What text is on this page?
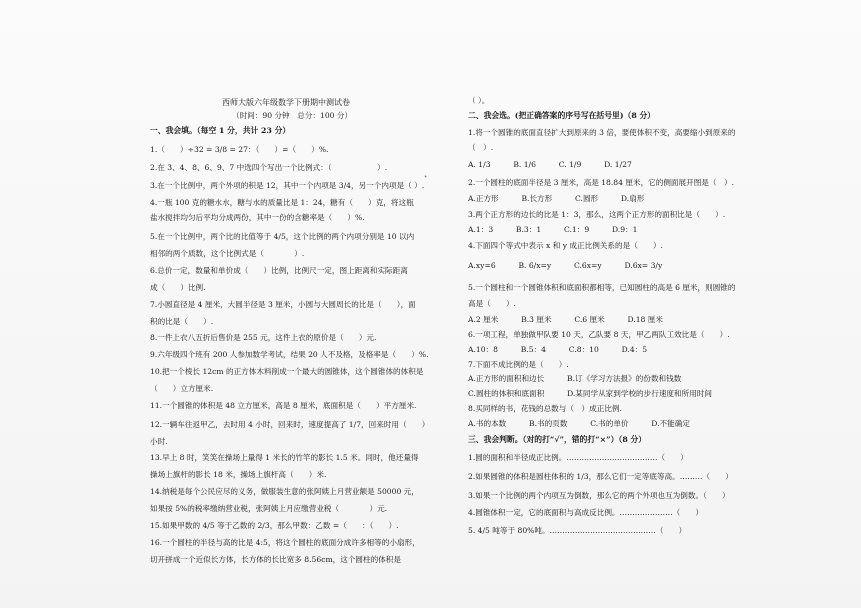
西师大版六年级数学下册期中测试卷
（时间：90 分钟　总分：100 分）
一、我会填。（每空 1 分，共计 23 分）
1.（　　）÷32 = 3/8 = 27：（　　）=（　　）%.
2.在 3、4、8、6、9、7 中选四个写出一个比例式：（　　　　　　）.
3.在一个比例中，两个外项的积是 12，其中一个内项是 3/4，另一个内项是（ ）.
4.一瓶 100 克的糖水水，糖与水的质量比是 1：24，糖有（　　）克，将这瓶
盐水搅拌均匀后平均分成两份，其中一份的含糖率是（　　）%.
5.在一个比例中，两个比的比值等于 4/5，这个比例的两个内项分别是 10 以内
相邻的两个质数，这个比例式是（　　　　）.
6.总价一定，数量和单价成（　　）比例，比例尺一定，图上距离和实际距离
成（　　）比例.
7.小圆直径是 4 厘米，大圆半径是 3 厘米，小圆与大圆周长的比是（　　），面
积的比是（　　）.
8.一件上衣八五折后售价是 255 元，这件上衣的原价是（　　）元.
9.六年级四个班有 200 人参加数学考试，结果 20 人不及格，及格率是（　　）%.
10.把一个棱长 12cm 的正方体木料削成一个最大的圆锥体，这个圆锥体的体积是
（　　）立方厘米.
11.一个圆锥的体积是 48 立方厘米，高是 8 厘米，底面积是（　　）平方厘米.
12.一辆车往返甲乙，去时用 4 小时，回来时，速度提高了 1/7，回来时用（　　）
小时.
13.早上 8 时，笑笑在操场上量得 1 米长的竹竿的影长 1.5 米。同时，他还量得
操场上旗杆的影长 18 米，操场上旗杆高（　　）米.
14.纳税是每个公民应尽的义务，做服装生意的张阿姨上月营业额是 50000 元，
如果按 5%的税率缴纳营业税，张阿姨上月应缴营业税（　　　　）元.
15.如果甲数的 4/5 等于乙数的 2/3，那么甲数：乙数 =（　　：（　　）.
16.一个圆柱的半径与高的比是 4:5，将这个圆柱的底面分成许多相等的小扇形，
切开拼成一个近似长方体，长方体的长比宽多 8.56cm，这个圆柱的体积是
（ ）。
二、我会选。(把正确答案的序号写在括号里)（8 分）
1.将一个圆锥的底面直径扩大到原来的 3 倍，要使体积不变，高要缩小到原来的
（　）.
A. 1/3　　　B. 1/6　　　C. 1/9　　　D. 1/27
2.一个圆柱的底面半径是 3 厘米，高是 18.84 厘米，它的侧面展开图是（　）.
A.正方形　　　B.长方形　　　C.圆形　　　D.扇形
3.两个正方形的边长的比是 1：3，那么，这两个正方形的面积比是（　　）.
A.1：3　　　B.3：1　　　C.1：9　　　D.9：1
4.下面四个等式中表示 x 和 y 成正比例关系的是（　　）.
A.xy=6　　　B. 6/x=y　　　C.6x=y　　　D.6x= 3/y
5.一个圆柱和一个圆锥体积和底面积都相等，已知圆柱的高是 6 厘米，则圆锥的
高是（　　）.
A.2 厘米　　　B.3 厘米　　　C.6 厘米　　　D.18 厘米
6.一项工程，单独做甲队要 10 天，乙队要 8 天，甲乙两队工效比是（　　）.
A.10：8　　　B.5：4　　　C.8：10　　　D.4：5
7.下面不成比例的是（　　）.
A.正方形的面积和边长　　　B.订《学习方法报》的份数和钱数
C.圆柱的体积和底面积　　　D.某同学从家到学校的步行速度和所用时间
8.买同样的书，花钱的总数与（　）成正比例.
A.书的本数　　　B.书的页数　　　C.书的单价　　　D.不能确定
三、我会判断。（对的打“√”，错的打“×”）（8 分）
1.圆的面积和半径成正比例。………………………………（　　）
2.如果圆锥的体积是圆柱体积的 1/3，那么它们一定等底等高。………（　　）
3.如果一个比例的两个内项互为倒数，那么它的两个外项也互为倒数。（　　）
4.圆锥体积一定，它的底面积与高成反比例。…………………（　　）
5. 4/5 吨等于 80%吨。……………………………………（　　）
˻
